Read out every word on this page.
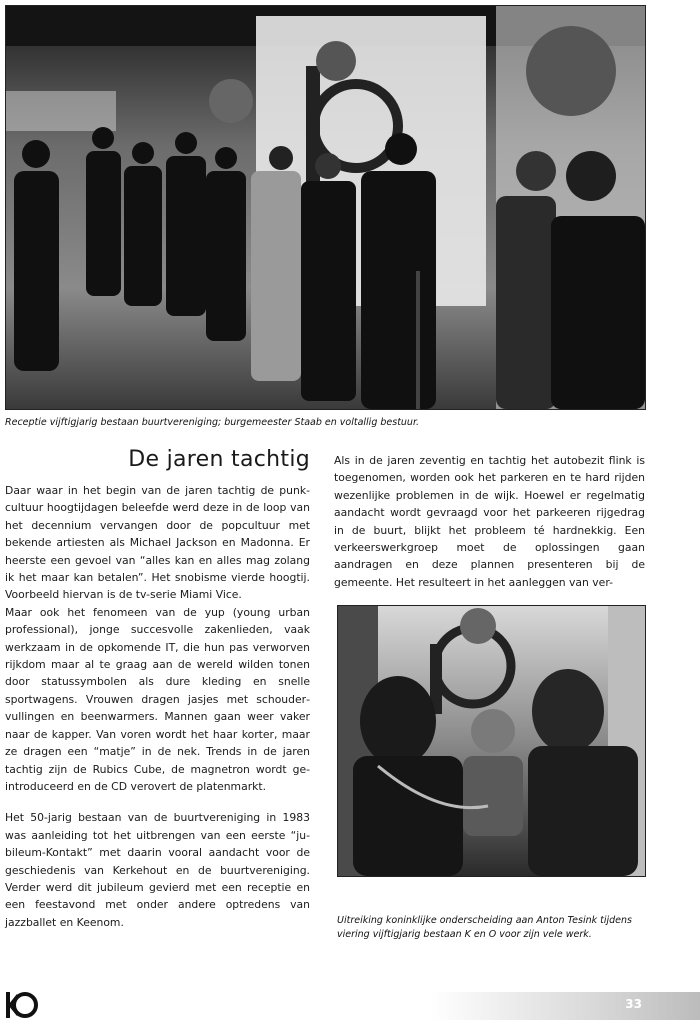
Receptie vijftigjarig bestaan buurtvereniging; burgemeester Staab en voltallig bestuur.
De jaren tachtig

Daar waar in het begin van de jaren tachtig de punkcultuur hoogtijdagen beleefde werd deze in de loop van het decennium vervangen door de popcultuur met bekende artiesten als Michael Jackson en Madonna. Er heerste een gevoel van “alles kan en alles mag zolang ik het maar kan betalen”. Het snobisme vierde hoogtij. Voorbeeld hiervan is de tv-serie Miami Vice.

Maar ook het fenomeen van de yup (young urban professional), jonge succesvolle zakenlieden, vaak werkzaam in de opkomende IT, die hun pas verworven rijkdom maar al te graag aan de wereld wilden tonen door statussymbolen als dure kleding en snelle sportwagens. Vrouwen dragen jasjes met schoudervullingen en beenwarmers. Mannen gaan weer vaker naar de kapper. Van voren wordt het haar korter, maar ze dragen een “matje” in de nek. Trends in de jaren tachtig zijn de Rubics Cube, de magnetron wordt geintroduceerd en de CD verovert de platenmarkt.

Het 50-jarig bestaan van de buurtvereniging in 1983 was aanleiding tot het uitbrengen van een eerste “jubileum-Kontakt” met daarin vooral aandacht voor de geschiedenis van Kerkehout en de buurtvereniging. Verder werd dit jubileum gevierd met een receptie en een feestavond met onder andere optredens van jazzballet en Keenom.

Als in de jaren zeventig en tachtig het autobezit flink is toegenomen, worden ook het parkeren en te hard rijden wezenlijke problemen in de wijk. Hoewel er regelmatig aandacht wordt gevraagd voor het parkeeren rijgedrag in de buurt, blijkt het probleem té hardnekkig. Een verkeerswerkgroep moet de oplossingen gaan aandragen en deze plannen presenteren bij de gemeente. Het resulteert in het aanleggen van ver-

Uitreiking koninklijke onderscheiding aan Anton Tesink tijdens viering vijftigjarig bestaan K en O voor zijn vele werk.
33
